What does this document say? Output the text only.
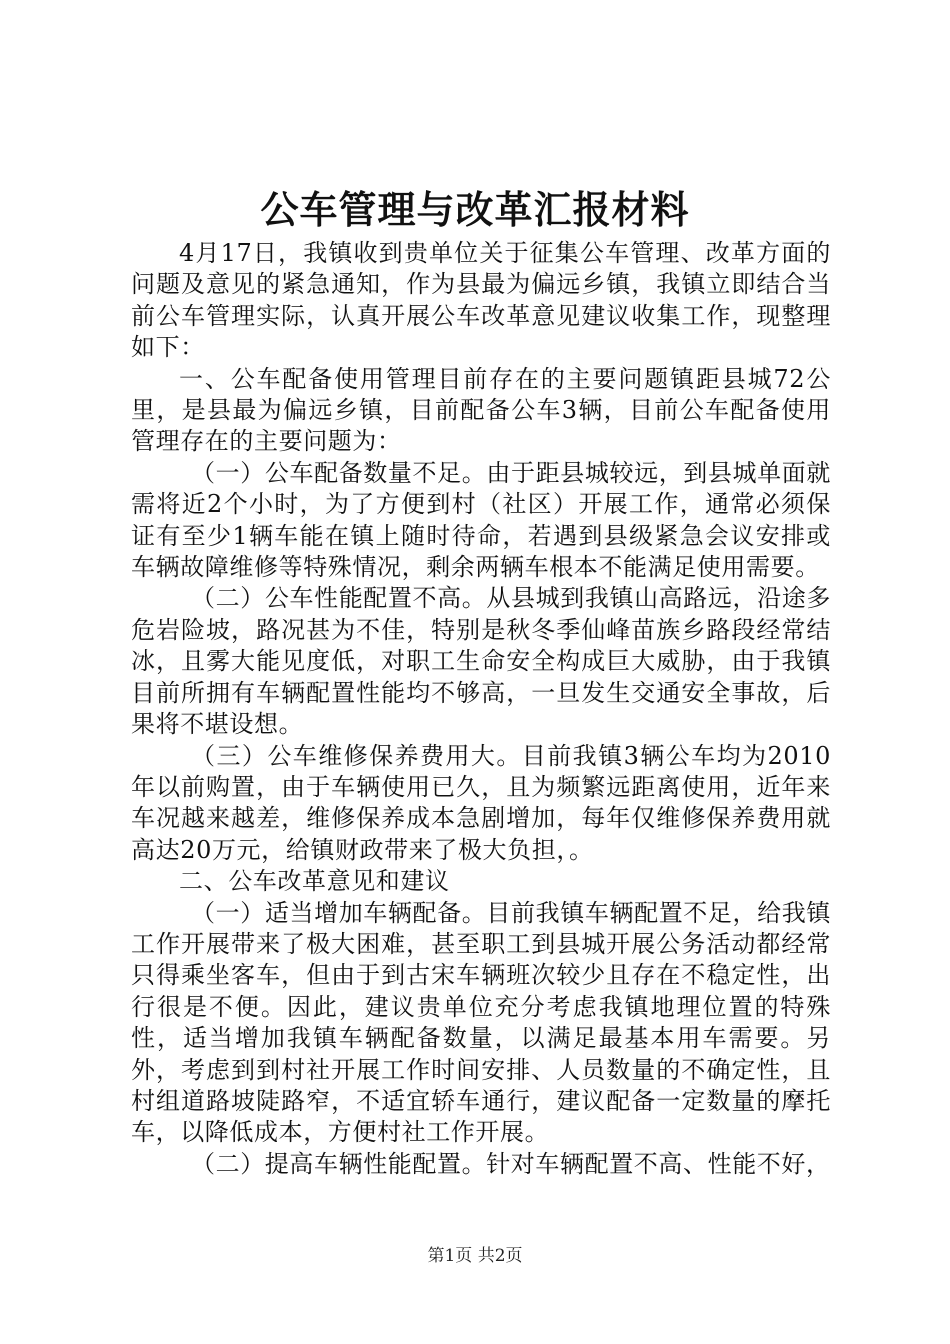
公车管理与改革汇报材料

4月17日，我镇收到贵单位关于征集公车管理、改革方面的问题及意见的紧急通知，作为县最为偏远乡镇，我镇立即结合当前公车管理实际，认真开展公车改革意见建议收集工作，现整理如下：

一、公车配备使用管理目前存在的主要问题镇距县城72公里，是县最为偏远乡镇，目前配备公车3辆，目前公车配备使用管理存在的主要问题为：

（一）公车配备数量不足。由于距县城较远，到县城单面就需将近2个小时，为了方便到村（社区）开展工作，通常必须保证有至少1辆车能在镇上随时待命，若遇到县级紧急会议安排或车辆故障维修等特殊情况，剩余两辆车根本不能满足使用需要。

（二）公车性能配置不高。从县城到我镇山高路远，沿途多危岩险坡，路况甚为不佳，特别是秋冬季仙峰苗族乡路段经常结冰，且雾大能见度低，对职工生命安全构成巨大威胁，由于我镇目前所拥有车辆配置性能均不够高，一旦发生交通安全事故，后果将不堪设想。

（三）公车维修保养费用大。目前我镇3辆公车均为2010年以前购置，由于车辆使用已久，且为频繁远距离使用，近年来车况越来越差，维修保养成本急剧增加，每年仅维修保养费用就高达20万元，给镇财政带来了极大负担，。

二、公车改革意见和建议

（一）适当增加车辆配备。目前我镇车辆配置不足，给我镇工作开展带来了极大困难，甚至职工到县城开展公务活动都经常只得乘坐客车，但由于到古宋车辆班次较少且存在不稳定性，出行很是不便。因此，建议贵单位充分考虑我镇地理位置的特殊性，适当增加我镇车辆配备数量，以满足最基本用车需要。另外，考虑到到村社开展工作时间安排、人员数量的不确定性，且村组道路坡陡路窄，不适宜轿车通行，建议配备一定数量的摩托车，以降低成本，方便村社工作开展。

（二）提高车辆性能配置。针对车辆配置不高、性能不好，

第1页 共2页
